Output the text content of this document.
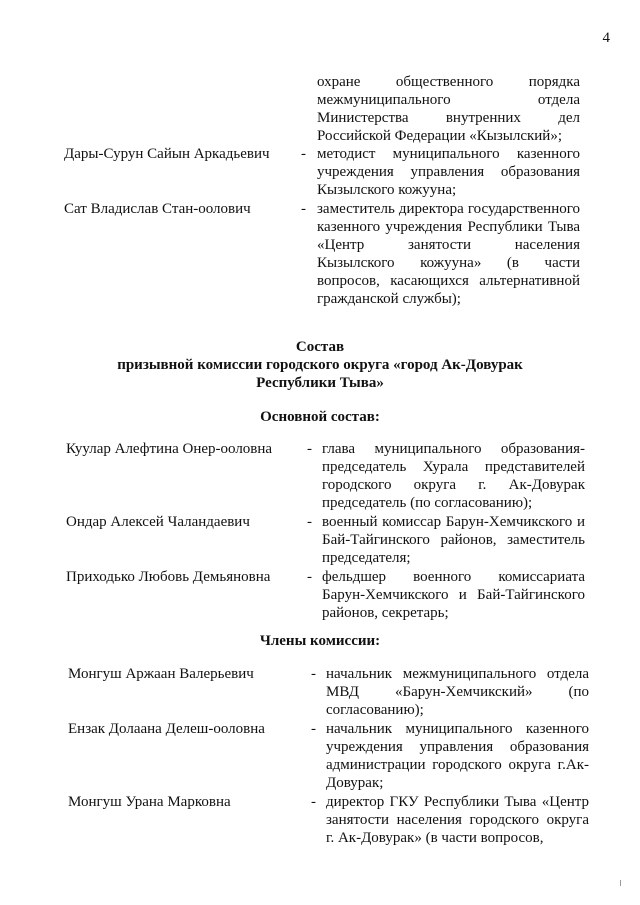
4
охране общественного порядка межмуниципального отдела Министерства внутренних дел Российской Федерации «Кызылский»;
Дары-Сурун Сайын Аркадьевич - методист муниципального казенного учреждения управления образования Кызылского кожууна;
Сат Владислав Стан-оолович	- заместитель директора государственного казенного учреждения Республики Тыва «Центр занятости населения Кызылского кожууна» (в части вопросов, касающихся альтернативной гражданской службы);
Состав
призывной комиссии городского округа «город Ак-Довурак
Республики Тыва»
Основной состав:
Куулар Алефтина Онер-ооловна - глава муниципального образования-председатель Хурала представителей городского округа г. Ак-Довурак председатель (по согласованию);
Ондар Алексей Чаландаевич	- военный комиссар Барун-Хемчикского и Бай-Тайгинского районов, заместитель председателя;
Приходько Любовь Демьяновна - фельдшер военного комиссариата Барун-Хемчикского и Бай-Тайгинского районов, секретарь;
Члены комиссии:
Монгуш Аржаан Валерьевич	- начальник межмуниципального отдела МВД «Барун-Хемчикский» (по согласованию);
Ензак Долаана Делеш-ооловна	- начальник муниципального казенного учреждения управления образования администрации городского округа г.Ак-Довурак;
Монгуш Урана Марковна	- директор ГКУ Республики Тыва «Центр занятости населения городского округа г. Ак-Довурак» (в части вопросов,
